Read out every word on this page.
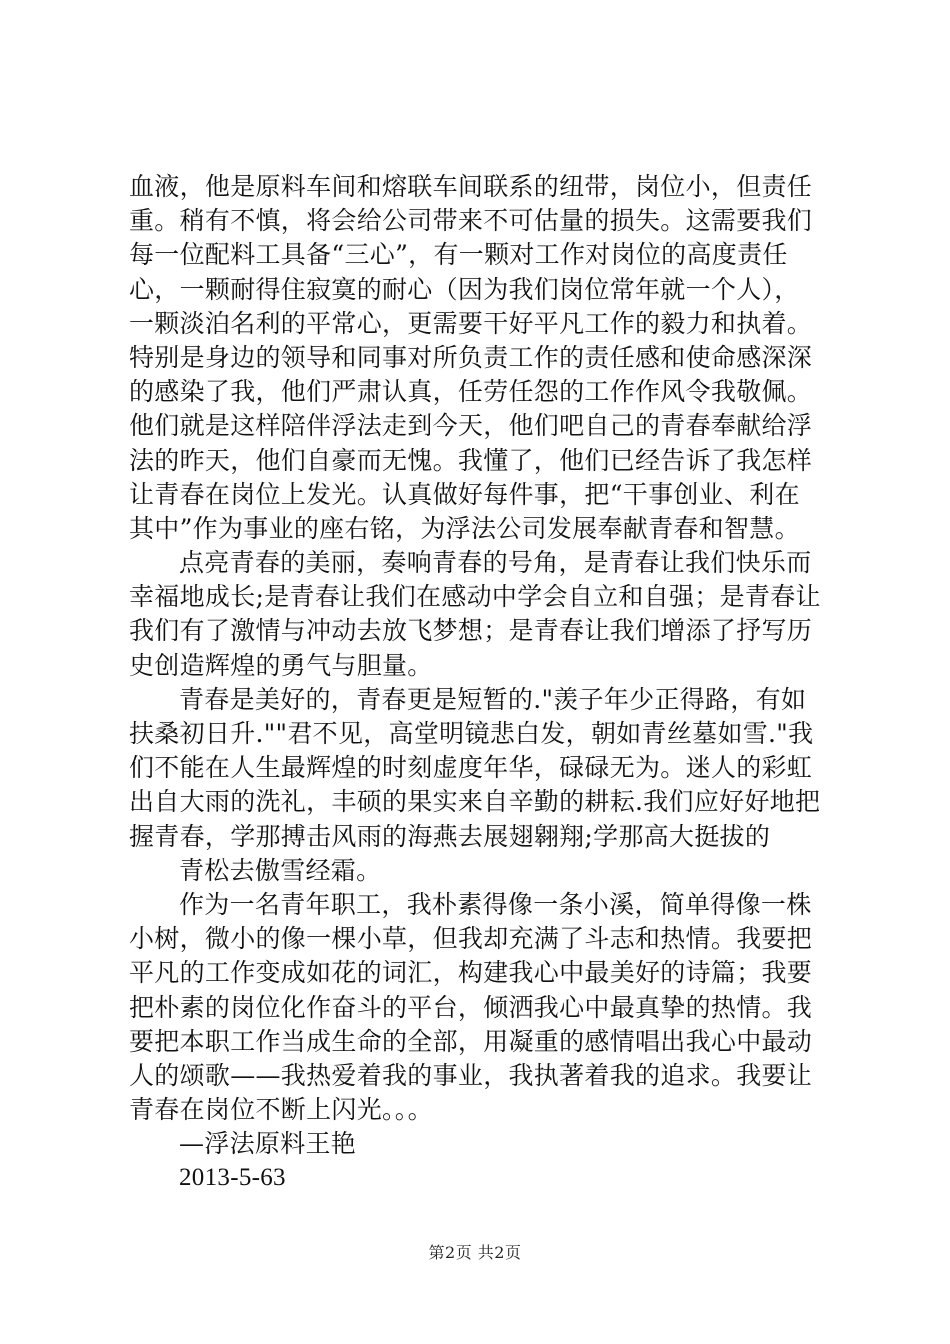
血液，他是原料车间和熔联车间联系的纽带，岗位小，但责任
重。稍有不慎，将会给公司带来不可估量的损失。这需要我们
每一位配料工具备“三心”，有一颗对工作对岗位的高度责任
心，一颗耐得住寂寞的耐心（因为我们岗位常年就一个人），
一颗淡泊名利的平常心，更需要干好平凡工作的毅力和执着。
特别是身边的领导和同事对所负责工作的责任感和使命感深深
的感染了我，他们严肃认真，任劳任怨的工作作风令我敬佩。
他们就是这样陪伴浮法走到今天，他们吧自己的青春奉献给浮
法的昨天，他们自豪而无愧。我懂了，他们已经告诉了我怎样
让青春在岗位上发光。认真做好每件事，把“干事创业、利在
其中”作为事业的座右铭，为浮法公司发展奉献青春和智慧。
点亮青春的美丽，奏响青春的号角，是青春让我们快乐而
幸福地成长;是青春让我们在感动中学会自立和自强；是青春让
我们有了激情与冲动去放飞梦想；是青春让我们增添了抒写历
史创造辉煌的勇气与胆量。
青春是美好的，青春更是短暂的."羡子年少正得路，有如
扶桑初日升.""君不见，高堂明镜悲白发，朝如青丝墓如雪."我
们不能在人生最辉煌的时刻虚度年华，碌碌无为。迷人的彩虹
出自大雨的洗礼，丰硕的果实来自辛勤的耕耘.我们应好好地把
握青春，学那搏击风雨的海燕去展翅翱翔;学那高大挺拔的
青松去傲雪经霜。
作为一名青年职工，我朴素得像一条小溪，简单得像一株
小树，微小的像一棵小草，但我却充满了斗志和热情。我要把
平凡的工作变成如花的词汇，构建我心中最美好的诗篇；我要
把朴素的岗位化作奋斗的平台，倾洒我心中最真挚的热情。我
要把本职工作当成生命的全部，用凝重的感情唱出我心中最动
人的颂歌——我热爱着我的事业，我执著着我的追求。我要让
青春在岗位不断上闪光。。。
—浮法原料王艳
2013-5-63
第2页 共2页
